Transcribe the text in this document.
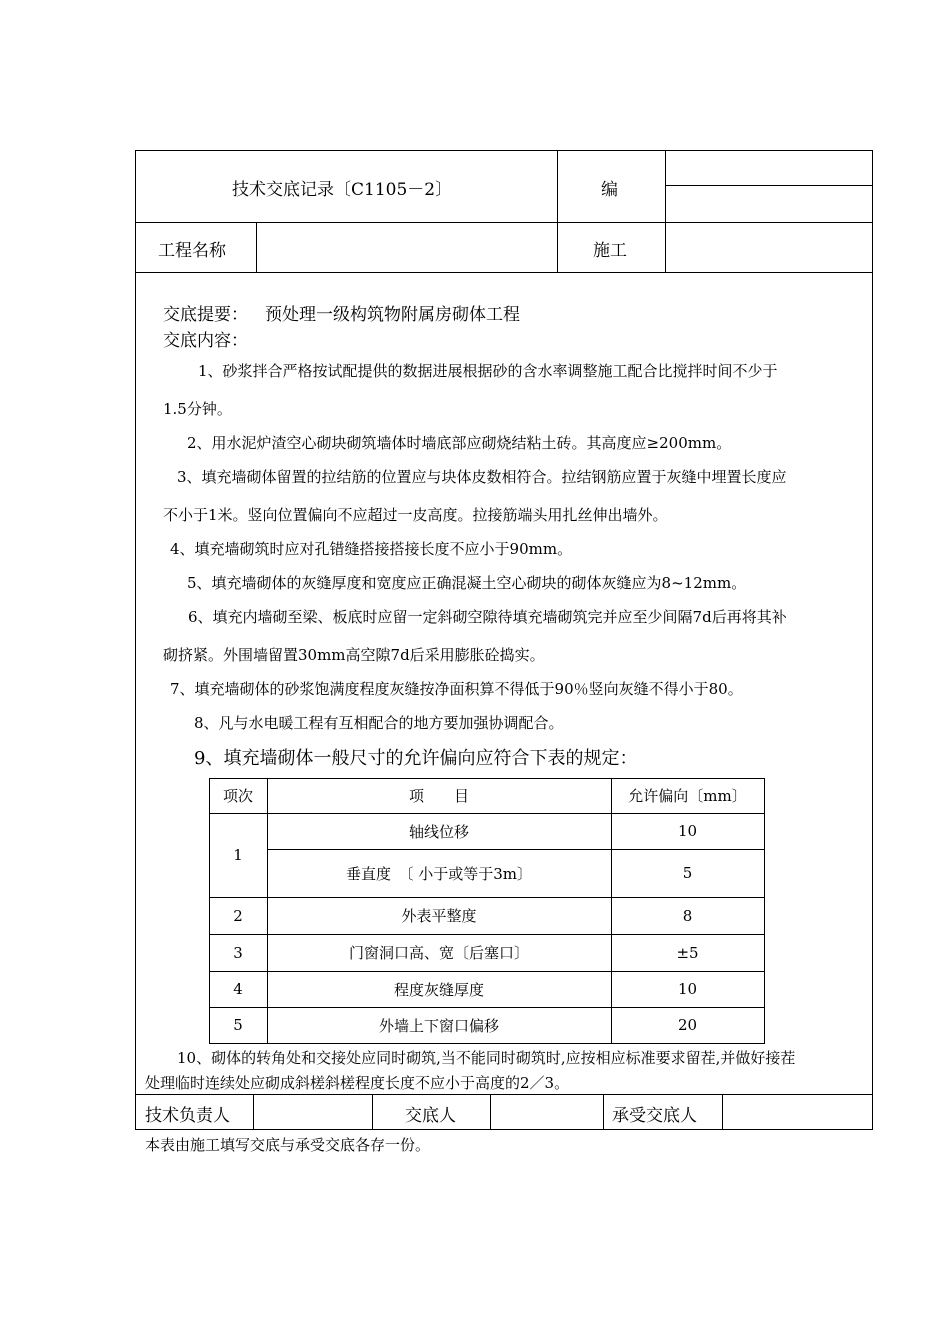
技术交底记录〔C1105－2〕	编
工程名称	施工
交底提要： 预处理一级构筑物附属房砌体工程
交底内容：
1、砂浆拌合严格按试配提供的数据进展根据砂的含水率调整施工配合比搅拌时间不少于
1.5分钟。
2、用水泥炉渣空心砌块砌筑墙体时墙底部应砌烧结粘土砖。其高度应≥200mm。
3、填充墙砌体留置的拉结筋的位置应与块体皮数相符合。拉结钢筋应置于灰缝中埋置长度应
不小于1米。竖向位置偏向不应超过一皮高度。拉接筋端头用扎丝伸出墙外。
4、填充墙砌筑时应对孔错缝搭接搭接长度不应小于90mm。
5、填充墙砌体的灰缝厚度和宽度应正确混凝土空心砌块的砌体灰缝应为8~12mm。
6、填充内墙砌至梁、板底时应留一定斜砌空隙待填充墙砌筑完并应至少间隔7d后再将其补
砌挤紧。外围墙留置30mm高空隙7d后采用膨胀砼捣实。
7、填充墙砌体的砂浆饱满度程度灰缝按净面积算不得低于90％竖向灰缝不得小于80。
8、凡与水电暖工程有互相配合的地方要加强协调配合。
9、填充墙砌体一般尺寸的允许偏向应符合下表的规定：
项次	项　　目	允许偏向〔mm〕
1
轴线位移	10
垂直度　〔 小于或等于3m〕	5
2	外表平整度	8
3	门窗洞口高、宽〔后塞口〕	±5
4	程度灰缝厚度	10
5	外墙上下窗口偏移	20
10、砌体的转角处和交接处应同时砌筑,当不能同时砌筑时,应按相应标准要求留茬,并做好接茬
处理临时连续处应砌成斜槎斜槎程度长度不应小于高度的2／3。
技术负责人	交底人	承受交底人
本表由施工填写交底与承受交底各存一份。
